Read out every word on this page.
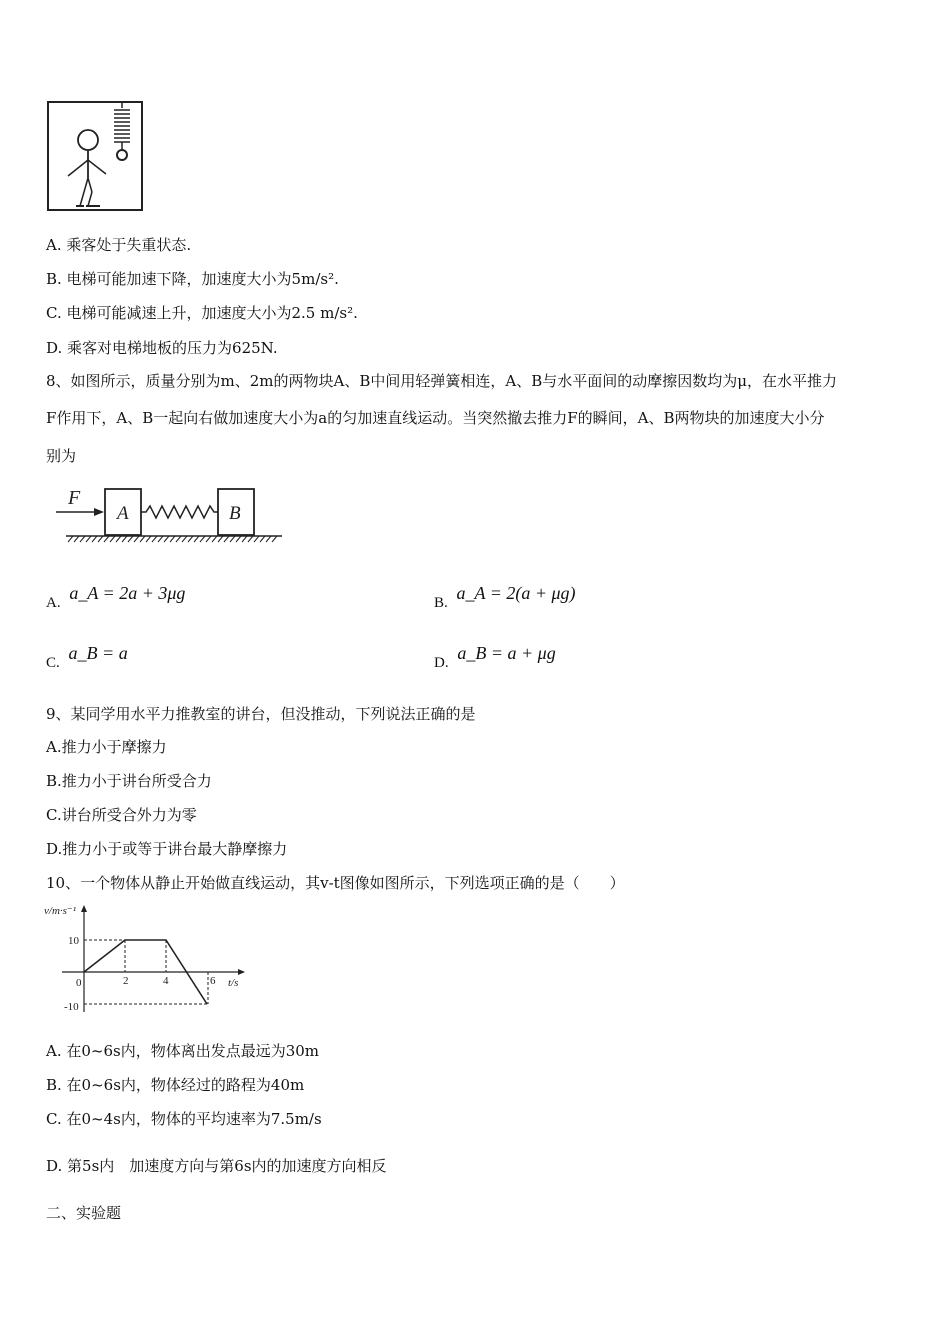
A. 乘客处于失重状态.
B. 电梯可能加速下降，加速度大小为5m/s².
C. 电梯可能减速上升，加速度大小为2.5 m/s².
D. 乘客对电梯地板的压力为625N.
8、如图所示，质量分别为m、2m的两物块A、B中间用轻弹簧相连，A、B与水平面间的动摩擦因数均为μ，在水平推力
F作用下，A、B一起向右做加速度大小为a的匀加速直线运动。当突然撤去推力F的瞬间，A、B两物块的加速度大小分
别为
F
A	B
A. a_A = 2a + 3μg	B. a_A = 2(a + μg)
C. a_B = a	D. a_B = a + μg
9、某同学用水平力推教室的讲台，但没推动，下列说法正确的是
A.推力小于摩擦力
B.推力小于讲台所受合力
C.讲台所受合外力为零
D.推力小于或等于讲台最大静摩擦力
10、一个物体从静止开始做直线运动，其v-t图像如图所示，下列选项正确的是（　　）
v/m·s⁻¹
t/s
10
-10
0	2	4	6
A. 在0~6s内，物体离出发点最远为30m
B. 在0~6s内，物体经过的路程为40m
C. 在0~4s内，物体的平均速率为7.5m/s
D. 第5s内　加速度方向与第6s内的加速度方向相反
二、实验题
